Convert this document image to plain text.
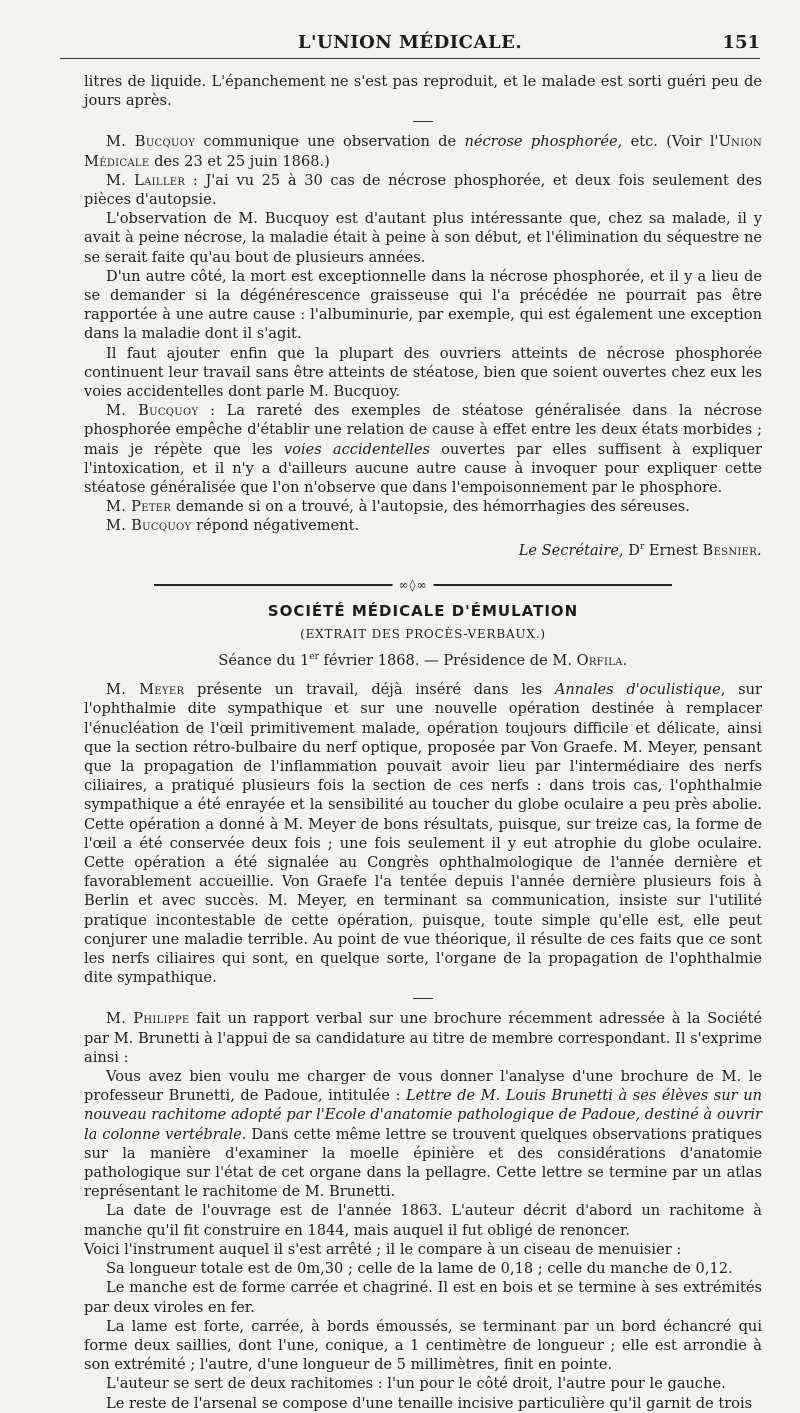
L'UNION MÉDICALE.	151

litres de liquide. L'épanchement ne s'est pas reproduit, et le malade est sorti guéri peu de jours après.

M. Bucquoy communique une observation de nécrose phosphorée, etc. (Voir l'Union Médicale des 23 et 25 juin 1868.)

M. Lailler : J'ai vu 25 à 30 cas de nécrose phosphorée, et deux fois seulement des pièces d'autopsie.

L'observation de M. Bucquoy est d'autant plus intéressante que, chez sa malade, il y avait à peine nécrose, la maladie était à peine à son début, et l'élimination du séquestre ne se serait faite qu'au bout de plusieurs années.

D'un autre côté, la mort est exceptionnelle dans la nécrose phosphorée, et il y a lieu de se demander si la dégénérescence graisseuse qui l'a précédée ne pourrait pas être rapportée à une autre cause : l'albuminurie, par exemple, qui est également une exception dans la maladie dont il s'agit.

Il faut ajouter enfin que la plupart des ouvriers atteints de nécrose phosphorée continuent leur travail sans être atteints de stéatose, bien que soient ouvertes chez eux les voies accidentelles dont parle M. Bucquoy.

M. Bucquoy : La rareté des exemples de stéatose généralisée dans la nécrose phosphorée empêche d'établir une relation de cause à effet entre les deux états morbides ; mais je répète que les voies accidentelles ouvertes par elles suffisent à expliquer l'intoxication, et il n'y a d'ailleurs aucune autre cause à invoquer pour expliquer cette stéatose généralisée que l'on n'observe que dans l'empoisonnement par le phosphore.

M. Peter demande si on a trouvé, à l'autopsie, des hémorrhagies des séreuses.

M. Bucquoy répond négativement.

Le Secrétaire, $D^r$ Ernest Besnier.

∞◊∞
SOCIÉTÉ MÉDICALE D'ÉMULATION
(EXTRAIT DES PROCÈS-VERBAUX.)
Séance du 1er février 1868. — Présidence de M. Orfila.

M. Meyer présente un travail, déjà inséré dans les Annales d'oculistique, sur l'ophthalmie dite sympathique et sur une nouvelle opération destinée à remplacer l'énucléation de l'œil primitivement malade, opération toujours difficile et délicate, ainsi que la section rétro-bulbaire du nerf optique, proposée par Von Graefe. M. Meyer, pensant que la propagation de l'inflammation pouvait avoir lieu par l'intermédiaire des nerfs ciliaires, a pratiqué plusieurs fois la section de ces nerfs : dans trois cas, l'ophthalmie sympathique a été enrayée et la sensibilité au toucher du globe oculaire a peu près abolie. Cette opération a donné à M. Meyer de bons résultats, puisque, sur treize cas, la forme de l'œil a été conservée deux fois ; une fois seulement il y eut atrophie du globe oculaire. Cette opération a été signalée au Congrès ophthalmologique de l'année dernière et favorablement accueillie. Von Graefe l'a tentée depuis l'année dernière plusieurs fois à Berlin et avec succès. M. Meyer, en terminant sa communication, insiste sur l'utilité pratique incontestable de cette opération, puisque, toute simple qu'elle est, elle peut conjurer une maladie terrible. Au point de vue théorique, il résulte de ces faits que ce sont les nerfs ciliaires qui sont, en quelque sorte, l'organe de la propagation de l'ophthalmie dite sympathique.

M. Philippe fait un rapport verbal sur une brochure récemment adressée à la Société par M. Brunetti à l'appui de sa candidature au titre de membre correspondant. Il s'exprime ainsi :

Vous avez bien voulu me charger de vous donner l'analyse d'une brochure de M. le professeur Brunetti, de Padoue, intitulée : Lettre de M. Louis Brunetti à ses élèves sur un nouveau rachitome adopté par l'Ecole d'anatomie pathologique de Padoue, destiné à ouvrir la colonne vertébrale. Dans cette même lettre se trouvent quelques observations pratiques sur la manière d'examiner la moelle épinière et des considérations d'anatomie pathologique sur l'état de cet organe dans la pellagre. Cette lettre se termine par un atlas représentant le rachitome de M. Brunetti.

La date de l'ouvrage est de l'année 1863. L'auteur décrit d'abord un rachitome à manche qu'il fit construire en 1844, mais auquel il fut obligé de renoncer.

Voici l'instrument auquel il s'est arrêté ; il le compare à un ciseau de menuisier :

Sa longueur totale est de 0m,30 ; celle de la lame de 0,18 ; celle du manche de 0,12.

Le manche est de forme carrée et chagriné. Il est en bois et se termine à ses extrémités par deux viroles en fer.

La lame est forte, carrée, à bords émoussés, se terminant par un bord échancré qui forme deux saillies, dont l'une, conique, a 1 centimètre de longueur ; elle est arrondie à son extrémité ; l'autre, d'une longueur de 5 millimètres, finit en pointe.

L'auteur se sert de deux rachitomes : l'un pour le côté droit, l'autre pour le gauche.

Le reste de l'arsenal se compose d'une tenaille incisive particulière qu'il garnit de trois
